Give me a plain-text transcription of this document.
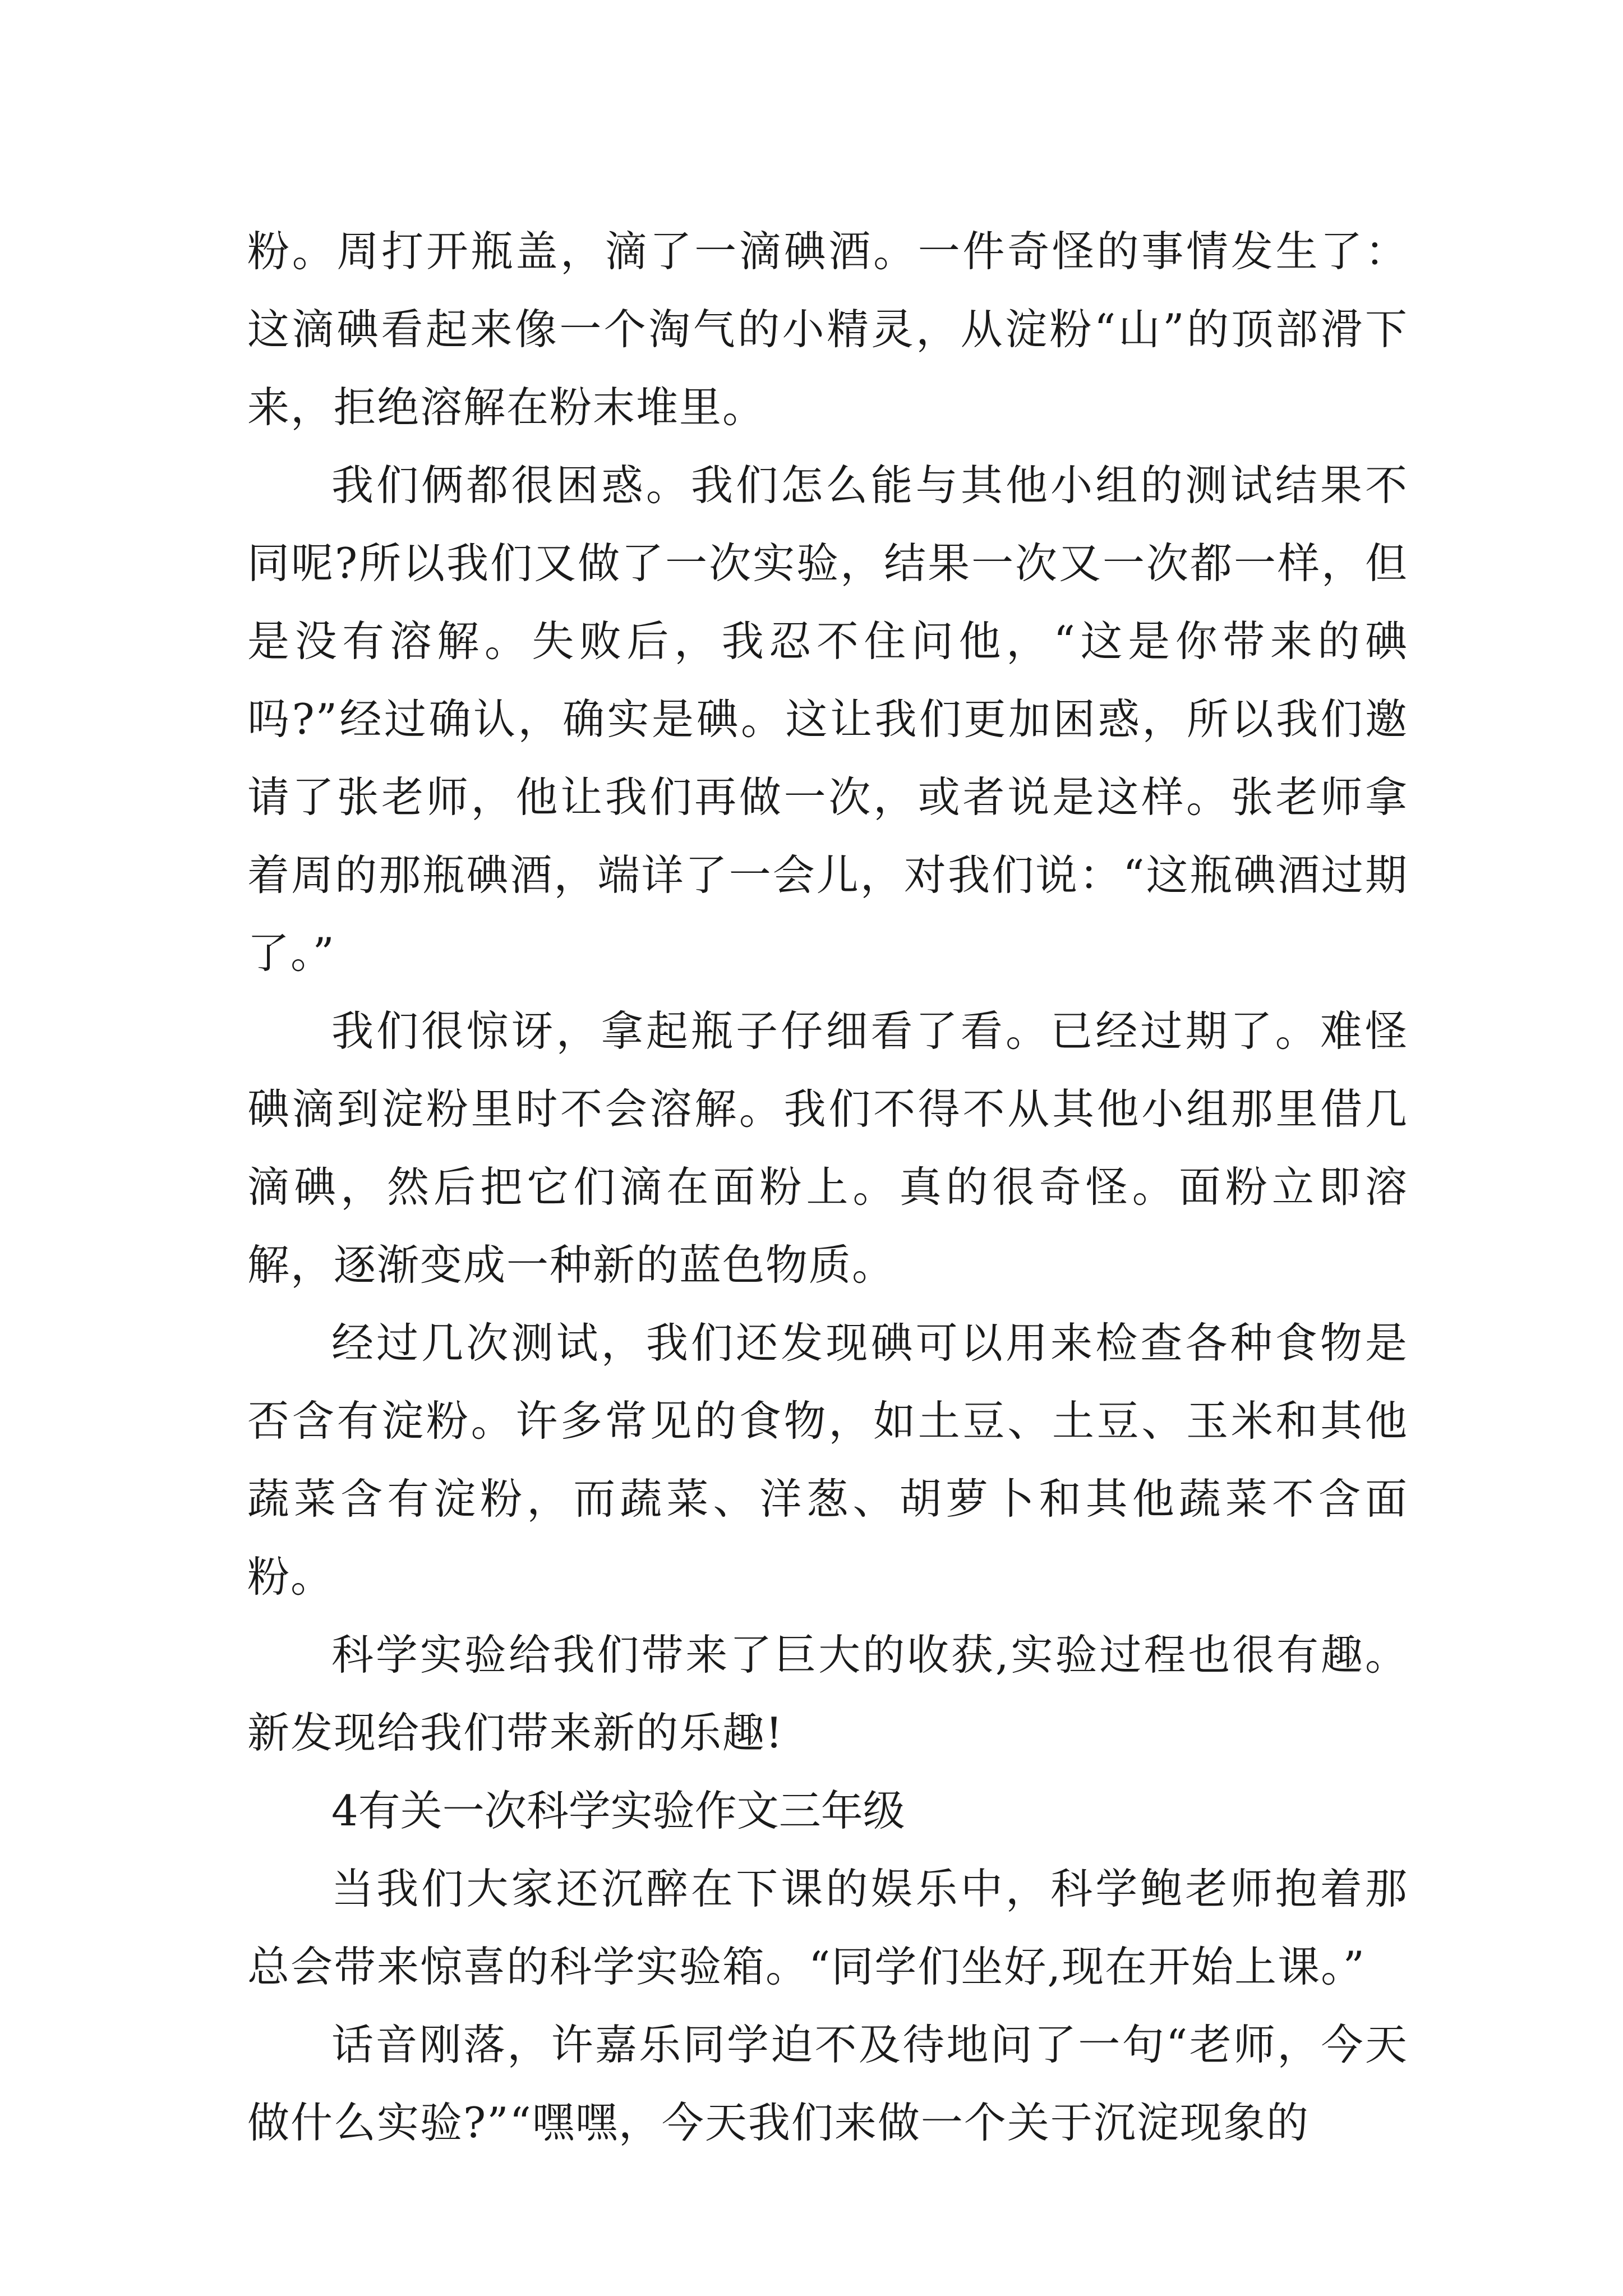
粉。周打开瓶盖，滴了一滴碘酒。一件奇怪的事情发生了：这滴碘看起来像一个淘气的小精灵，从淀粉“山”的顶部滑下来，拒绝溶解在粉末堆里。

我们俩都很困惑。我们怎么能与其他小组的测试结果不同呢?所以我们又做了一次实验，结果一次又一次都一样，但是没有溶解。失败后，我忍不住问他，“这是你带来的碘吗?”经过确认，确实是碘。这让我们更加困惑，所以我们邀请了张老师，他让我们再做一次，或者说是这样。张老师拿着周的那瓶碘酒，端详了一会儿，对我们说：“这瓶碘酒过期了。”

我们很惊讶，拿起瓶子仔细看了看。已经过期了。难怪碘滴到淀粉里时不会溶解。我们不得不从其他小组那里借几滴碘，然后把它们滴在面粉上。真的很奇怪。面粉立即溶解，逐渐变成一种新的蓝色物质。

经过几次测试，我们还发现碘可以用来检查各种食物是否含有淀粉。许多常见的食物，如土豆、土豆、玉米和其他蔬菜含有淀粉，而蔬菜、洋葱、胡萝卜和其他蔬菜不含面粉。

科学实验给我们带来了巨大的收获,实验过程也很有趣。新发现给我们带来新的乐趣!

4有关一次科学实验作文三年级

当我们大家还沉醉在下课的娱乐中，科学鲍老师抱着那总会带来惊喜的科学实验箱。“同学们坐好,现在开始上课。”

话音刚落，许嘉乐同学迫不及待地问了一句“老师，今天做什么实验?”“嘿嘿，今天我们来做一个关于沉淀现象的
